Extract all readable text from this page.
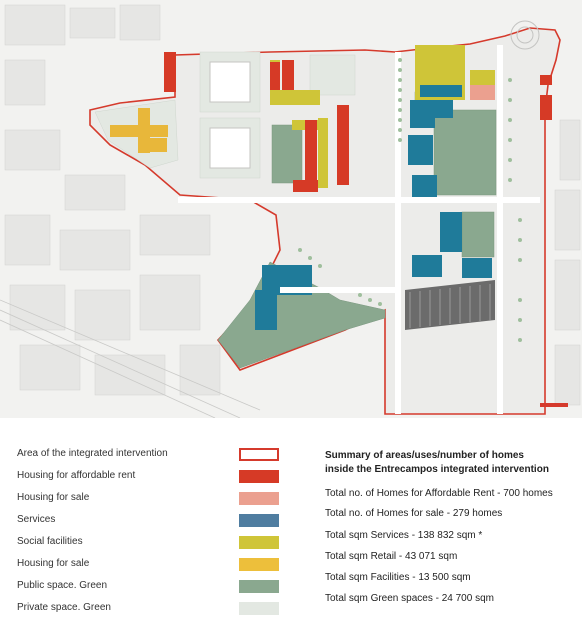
Area of the integrated intervention
Housing for affordable rent
Housing for sale
Services
Social facilities
Housing for sale
Public space. Green
Private space. Green
Summary of areas/uses/number of homes
inside the Entrecampos integrated intervention
Total no. of Homes for Affordable Rent - 700 homes
Total no. of Homes for sale - 279 homes
Total sqm Services - 138 832 sqm *
Total sqm Retail - 43 071 sqm
Total sqm Facilities - 13 500 sqm
Total sqm Green spaces - 24 700 sqm
